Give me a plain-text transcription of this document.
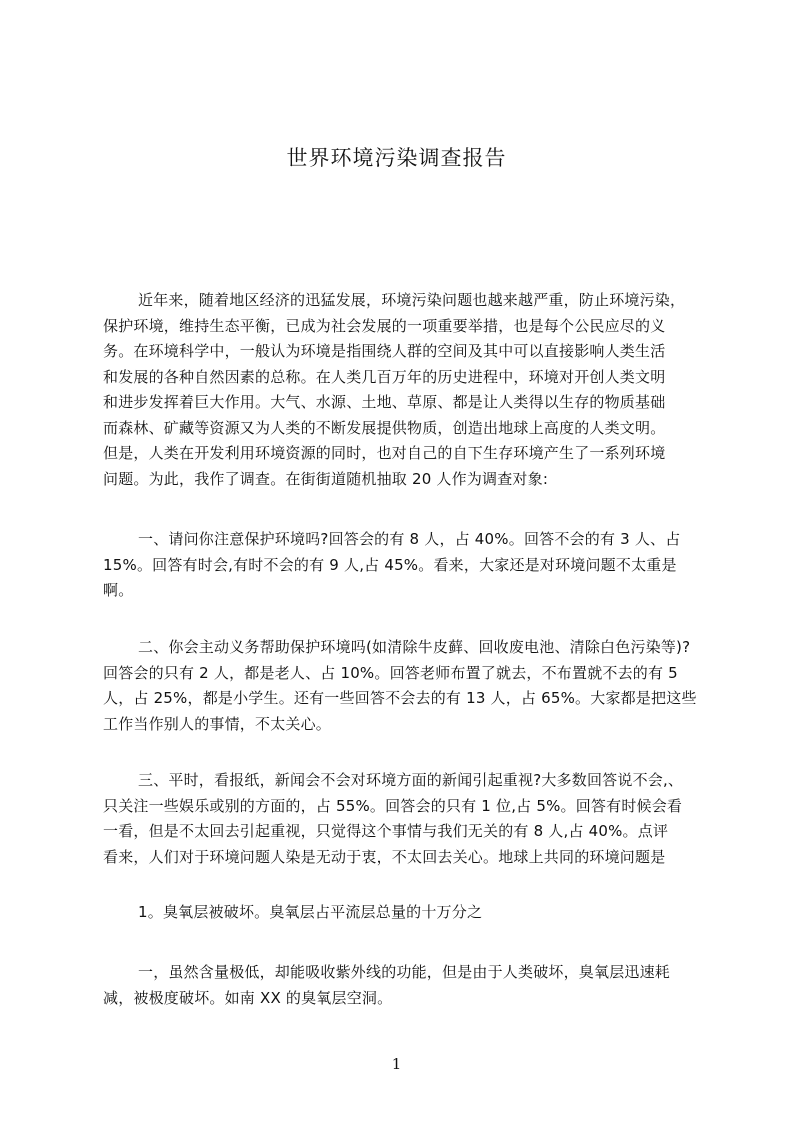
世界环境污染调查报告
近年来，随着地区经济的迅猛发展，环境污染问题也越来越严重，防止环境污染，
保护环境，维持生态平衡，已成为社会发展的一项重要举措，也是每个公民应尽的义
务。在环境科学中，一般认为环境是指围绕人群的空间及其中可以直接影响人类生活
和发展的各种自然因素的总称。在人类几百万年的历史进程中，环境对开创人类文明
和进步发挥着巨大作用。大气、水源、土地、草原、都是让人类得以生存的物质基础
而森林、矿藏等资源又为人类的不断发展提供物质，创造出地球上高度的人类文明。
但是，人类在开发利用环境资源的同时，也对自己的自下生存环境产生了一系列环境
问题。为此，我作了调查。在街街道随机抽取 20 人作为调查对象:
一、请问你注意保护环境吗?回答会的有 8 人，占 40%。回答不会的有 3 人、占
15%。回答有时会,有时不会的有 9 人,占 45%。看来，大家还是对环境问题不太重是
啊。
二、你会主动义务帮助保护环境吗(如清除牛皮藓、回收废电池、清除白色污染等)?
回答会的只有 2 人，都是老人、占 10%。回答老师布置了就去，不布置就不去的有 5
人，占 25%，都是小学生。还有一些回答不会去的有 13 人，占 65%。大家都是把这些
工作当作别人的事情，不太关心。
三、平时，看报纸，新闻会不会对环境方面的新闻引起重视?大多数回答说不会,、
只关注一些娱乐或别的方面的，占 55%。回答会的只有 1 位,占 5%。回答有时候会看
一看，但是不太回去引起重视，只觉得这个事情与我们无关的有 8 人,占 40%。点评
看来，人们对于环境问题人染是无动于衷，不太回去关心。地球上共同的环境问题是
1。臭氧层被破坏。臭氧层占平流层总量的十万分之
一，虽然含量极低，却能吸收紫外线的功能，但是由于人类破坏，臭氧层迅速耗
减，被极度破坏。如南 XX 的臭氧层空洞。
1
